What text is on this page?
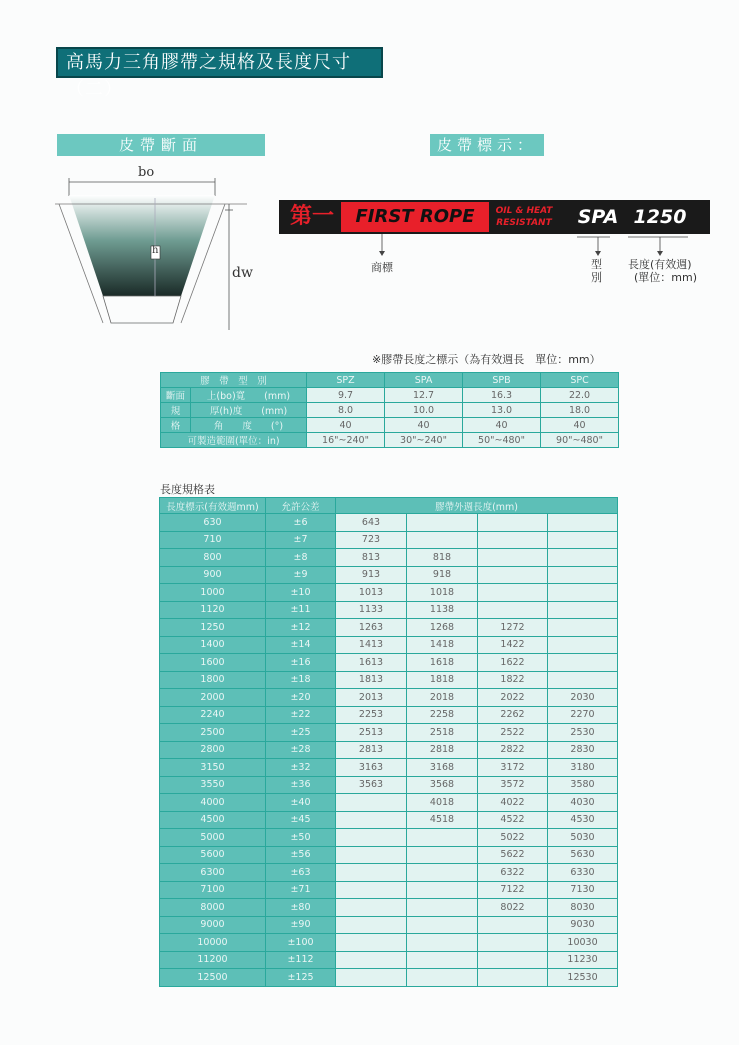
高馬力三角膠帶之規格及長度尺寸（二）
皮帶斷面	皮帶標示：
bo
h
dw
第一	FIRST ROPE	OIL & HEAT
RESISTANT	SPA 1250
商標	型
別
長度(有效週)
(單位：mm)
※膠帶長度之標示（為有效週長　單位：mm）
膠　帶　型　別		SPZ	SPA	SPB	SPC
斷面	上(bo)寬　　(mm)	9.7	12.7	16.3	22.0
規	厚(h)度　　(mm)	8.0	10.0	13.0	18.0
格	角　　度　　(°)	40	40	40	40
可製造範圍(單位：in)		16"~240"	30"~240"	50"~480"	90"~480"
長度規格表
長度標示(有效週mm)	允許公差	膠帶外週長度(mm)			
630	±6	643			
710	±7	723			
800	±8	813	818		
900	±9	913	918		
1000	±10	1013	1018		
1120	±11	1133	1138		
1250	±12	1263	1268	1272	
1400	±14	1413	1418	1422	
1600	±16	1613	1618	1622	
1800	±18	1813	1818	1822	
2000	±20	2013	2018	2022	2030
2240	±22	2253	2258	2262	2270
2500	±25	2513	2518	2522	2530
2800	±28	2813	2818	2822	2830
3150	±32	3163	3168	3172	3180
3550	±36	3563	3568	3572	3580
4000	±40		4018	4022	4030
4500	±45		4518	4522	4530
5000	±50			5022	5030
5600	±56			5622	5630
6300	±63			6322	6330
7100	±71			7122	7130
8000	±80			8022	8030
9000	±90				9030
10000	±100				10030
11200	±112				11230
12500	±125				12530
